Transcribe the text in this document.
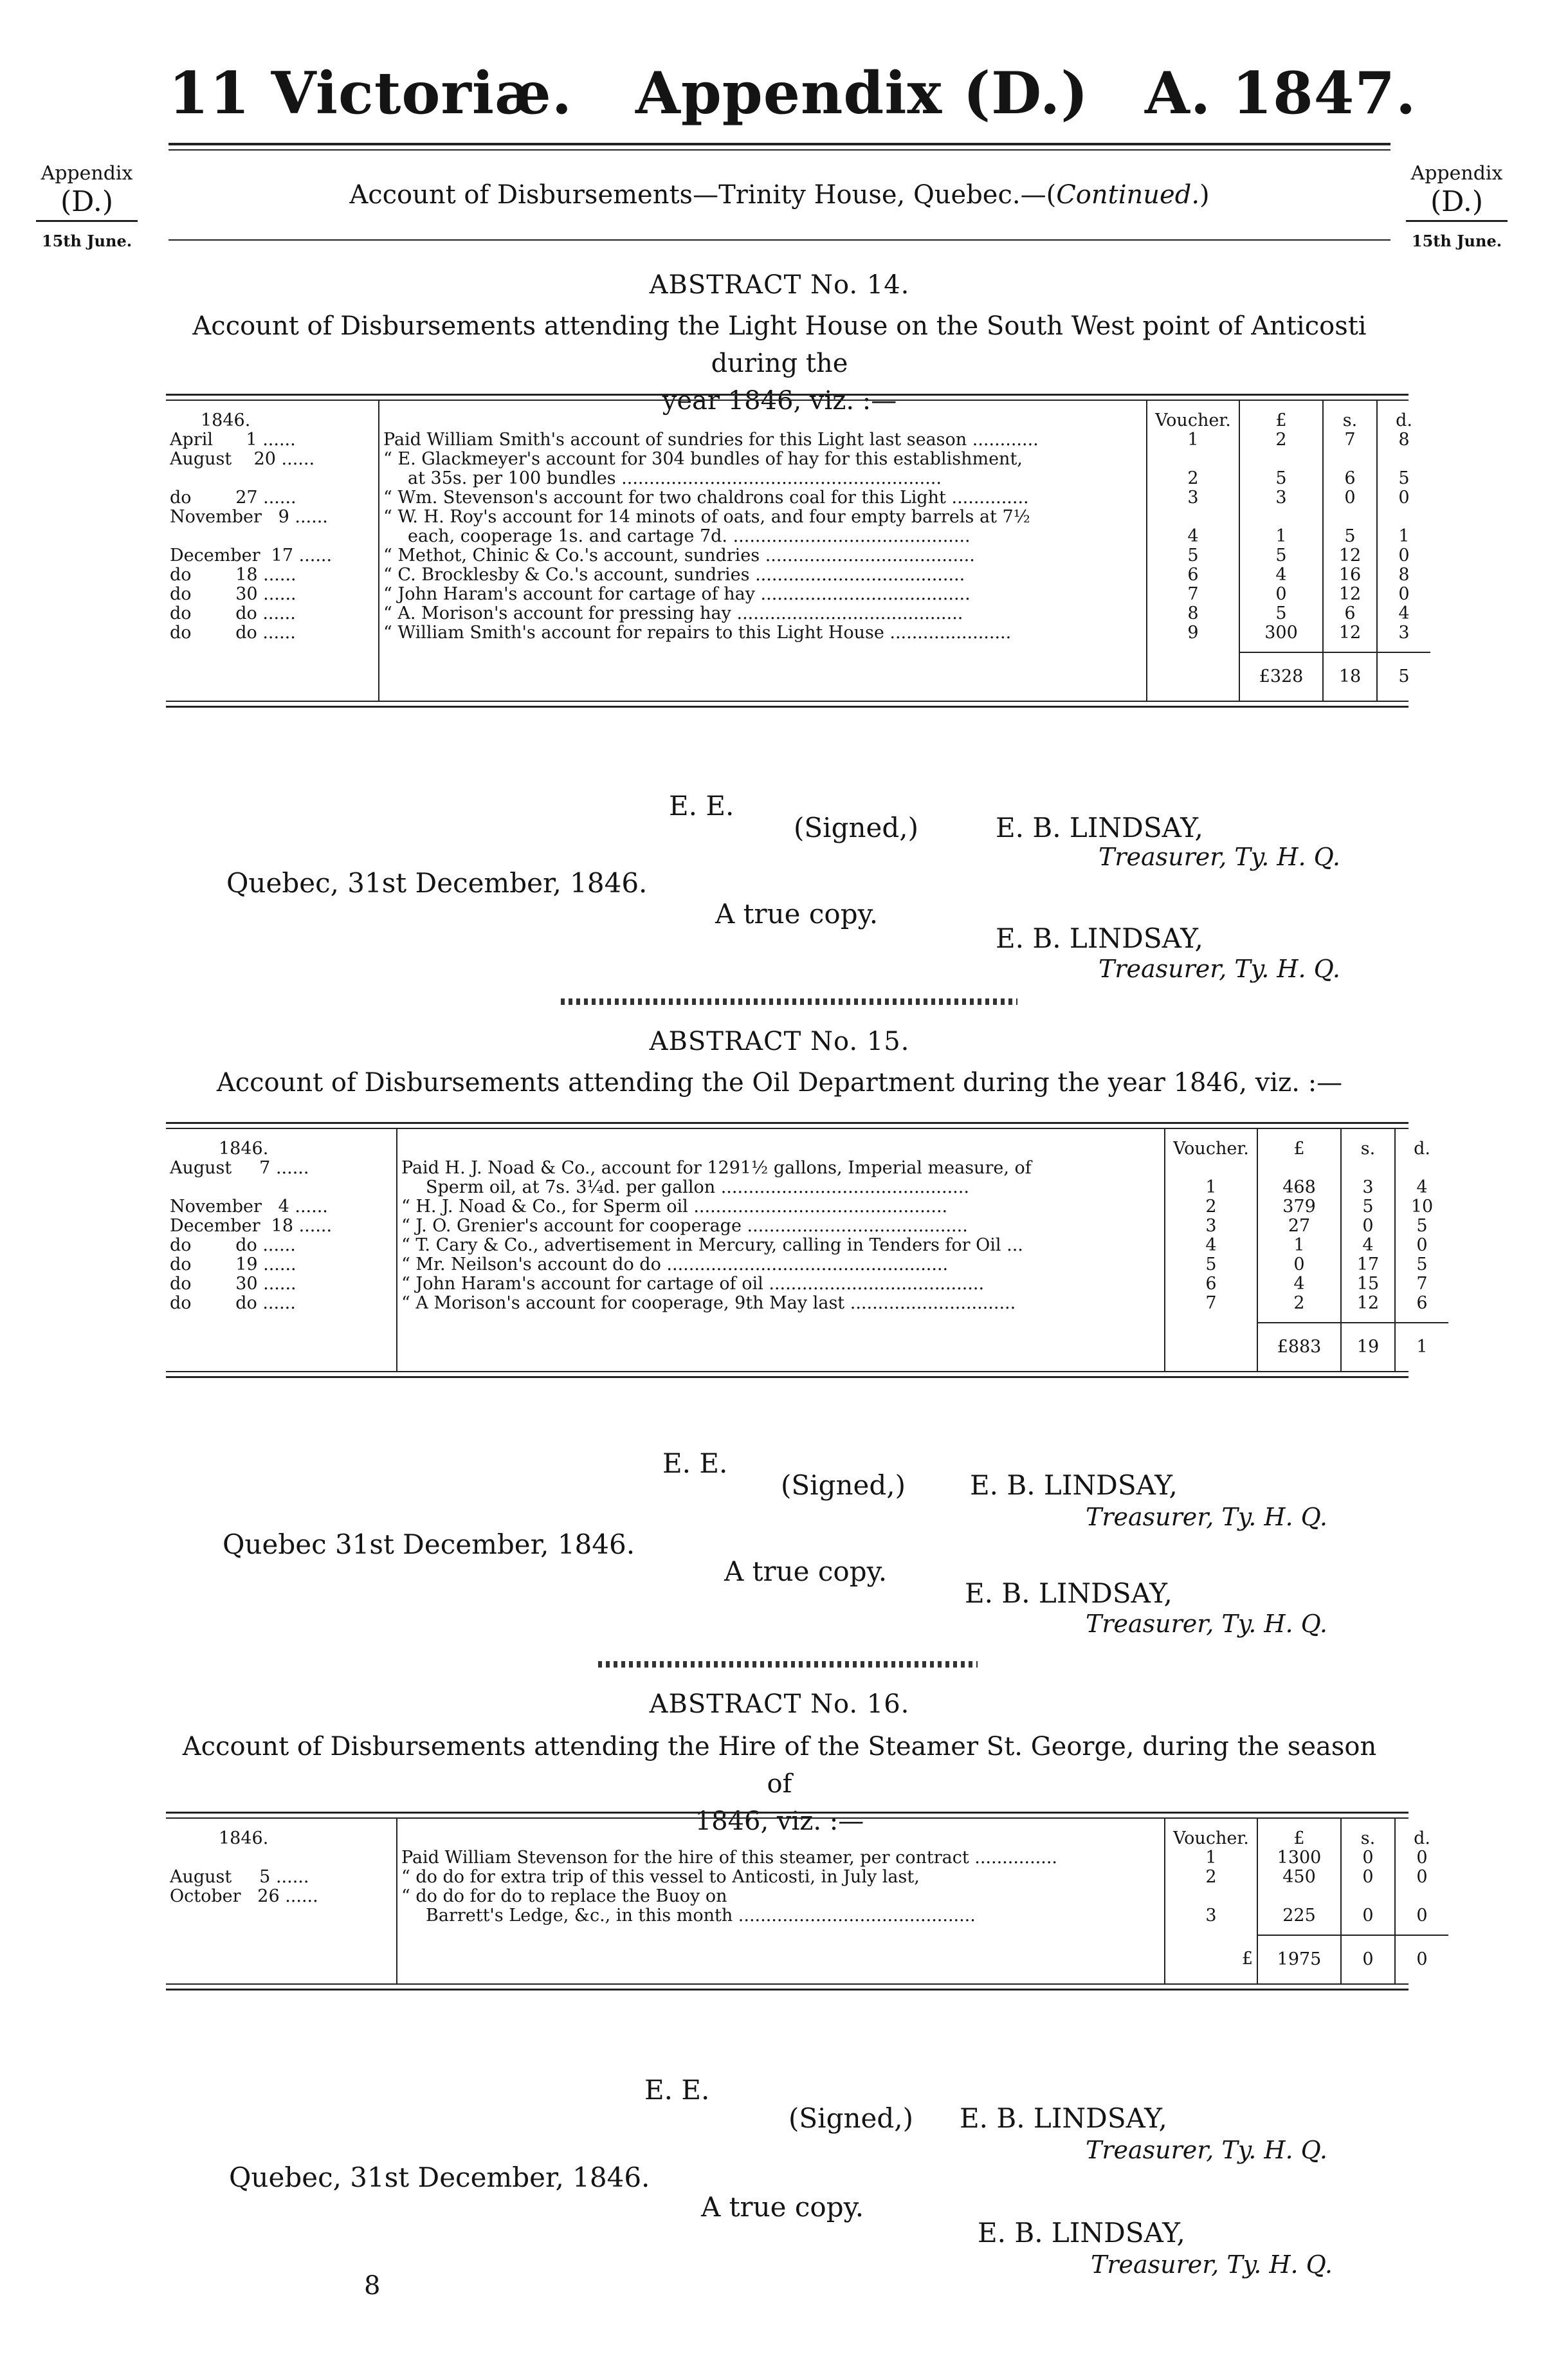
11 Victoriæ. Appendix (D.) A. 1847.
Account of Disbursements—Trinity House, Quebec.—(Continued.)
Appendix
(D.)
15th June.
Appendix
(D.)
15th June.
ABSTRACT No. 14.
Account of Disbursements attending the Light House on the South West point of Anticosti during the
year 1846, viz. :—
1846.		Voucher.	£	s.	d.
April      1 ......	Paid William Smith's account of sundries for this Light last season ............	1	2	7	8
August    20 ......	“ E. Glackmeyer's account for 304 bundles of hay for this establishment,				
	at 35s. per 100 bundles ..........................................................	2	5	6	5
do        27 ......	“ Wm. Stevenson's account for two chaldrons coal for this Light ..............	3	3	0	0
November   9 ......	“ W. H. Roy's account for 14 minots of oats, and four empty barrels at 7½				
	each, cooperage 1s. and cartage 7d. ...........................................	4	1	5	1
December  17 ......	“ Methot, Chinic & Co.'s account, sundries ......................................	5	5	12	0
do        18 ......	“ C. Brocklesby & Co.'s account, sundries ......................................	6	4	16	8
do        30 ......	“ John Haram's account for cartage of hay ......................................	7	0	12	0
do        do ......	“ A. Morison's account for pressing hay .........................................	8	5	6	4
do        do ......	“ William Smith's account for repairs to this Light House ......................	9	300	12	3

			£328	18	5
E. E.
(Signed,)	E. B. LINDSAY,
Treasurer, Ty. H. Q.
Quebec, 31st December, 1846.
A true copy.
E. B. LINDSAY,
Treasurer, Ty. H. Q.
ABSTRACT No. 15.
Account of Disbursements attending the Oil Department during the year 1846, viz. :—
1846.		Voucher.	£	s.	d.
August     7 ......	Paid H. J. Noad & Co., account for 1291½ gallons, Imperial measure, of				
	Sperm oil, at 7s. 3¼d. per gallon .............................................	1	468	3	4
November   4 ......	“ H. J. Noad & Co., for Sperm oil ..............................................	2	379	5	10
December  18 ......	“ J. O. Grenier's account for cooperage ........................................	3	27	0	5
do        do ......	“ T. Cary & Co., advertisement in Mercury, calling in Tenders for Oil ...	4	1	4	0
do        19 ......	“ Mr. Neilson's account do do ...................................................	5	0	17	5
do        30 ......	“ John Haram's account for cartage of oil .......................................	6	4	15	7
do        do ......	“ A Morison's account for cooperage, 9th May last ..............................	7	2	12	6

			£883	19	1
E. E.
(Signed,) E. B. LINDSAY,
Treasurer, Ty. H. Q.
Quebec 31st December, 1846.
A true copy.
E. B. LINDSAY,
Treasurer, Ty. H. Q.
ABSTRACT No. 16.
Account of Disbursements attending the Hire of the Steamer St. George, during the season of
1846, viz. :—
1846.		Voucher.	£	s.	d.
	Paid William Stevenson for the hire of this steamer, per contract ...............	1	1300	0	0
August     5 ......	“ do do for extra trip of this vessel to Anticosti, in July last,	2	450	0	0
October   26 ......	“ do do for do to replace the Buoy on				
	Barrett's Ledge, &c., in this month ...........................................	3	225	0	0

		£	1975	0	0
E. E.
(Signed,) E. B. LINDSAY,
Treasurer, Ty. H. Q.
Quebec, 31st December, 1846.
A true copy.
E. B. LINDSAY,
Treasurer, Ty. H. Q.
8
